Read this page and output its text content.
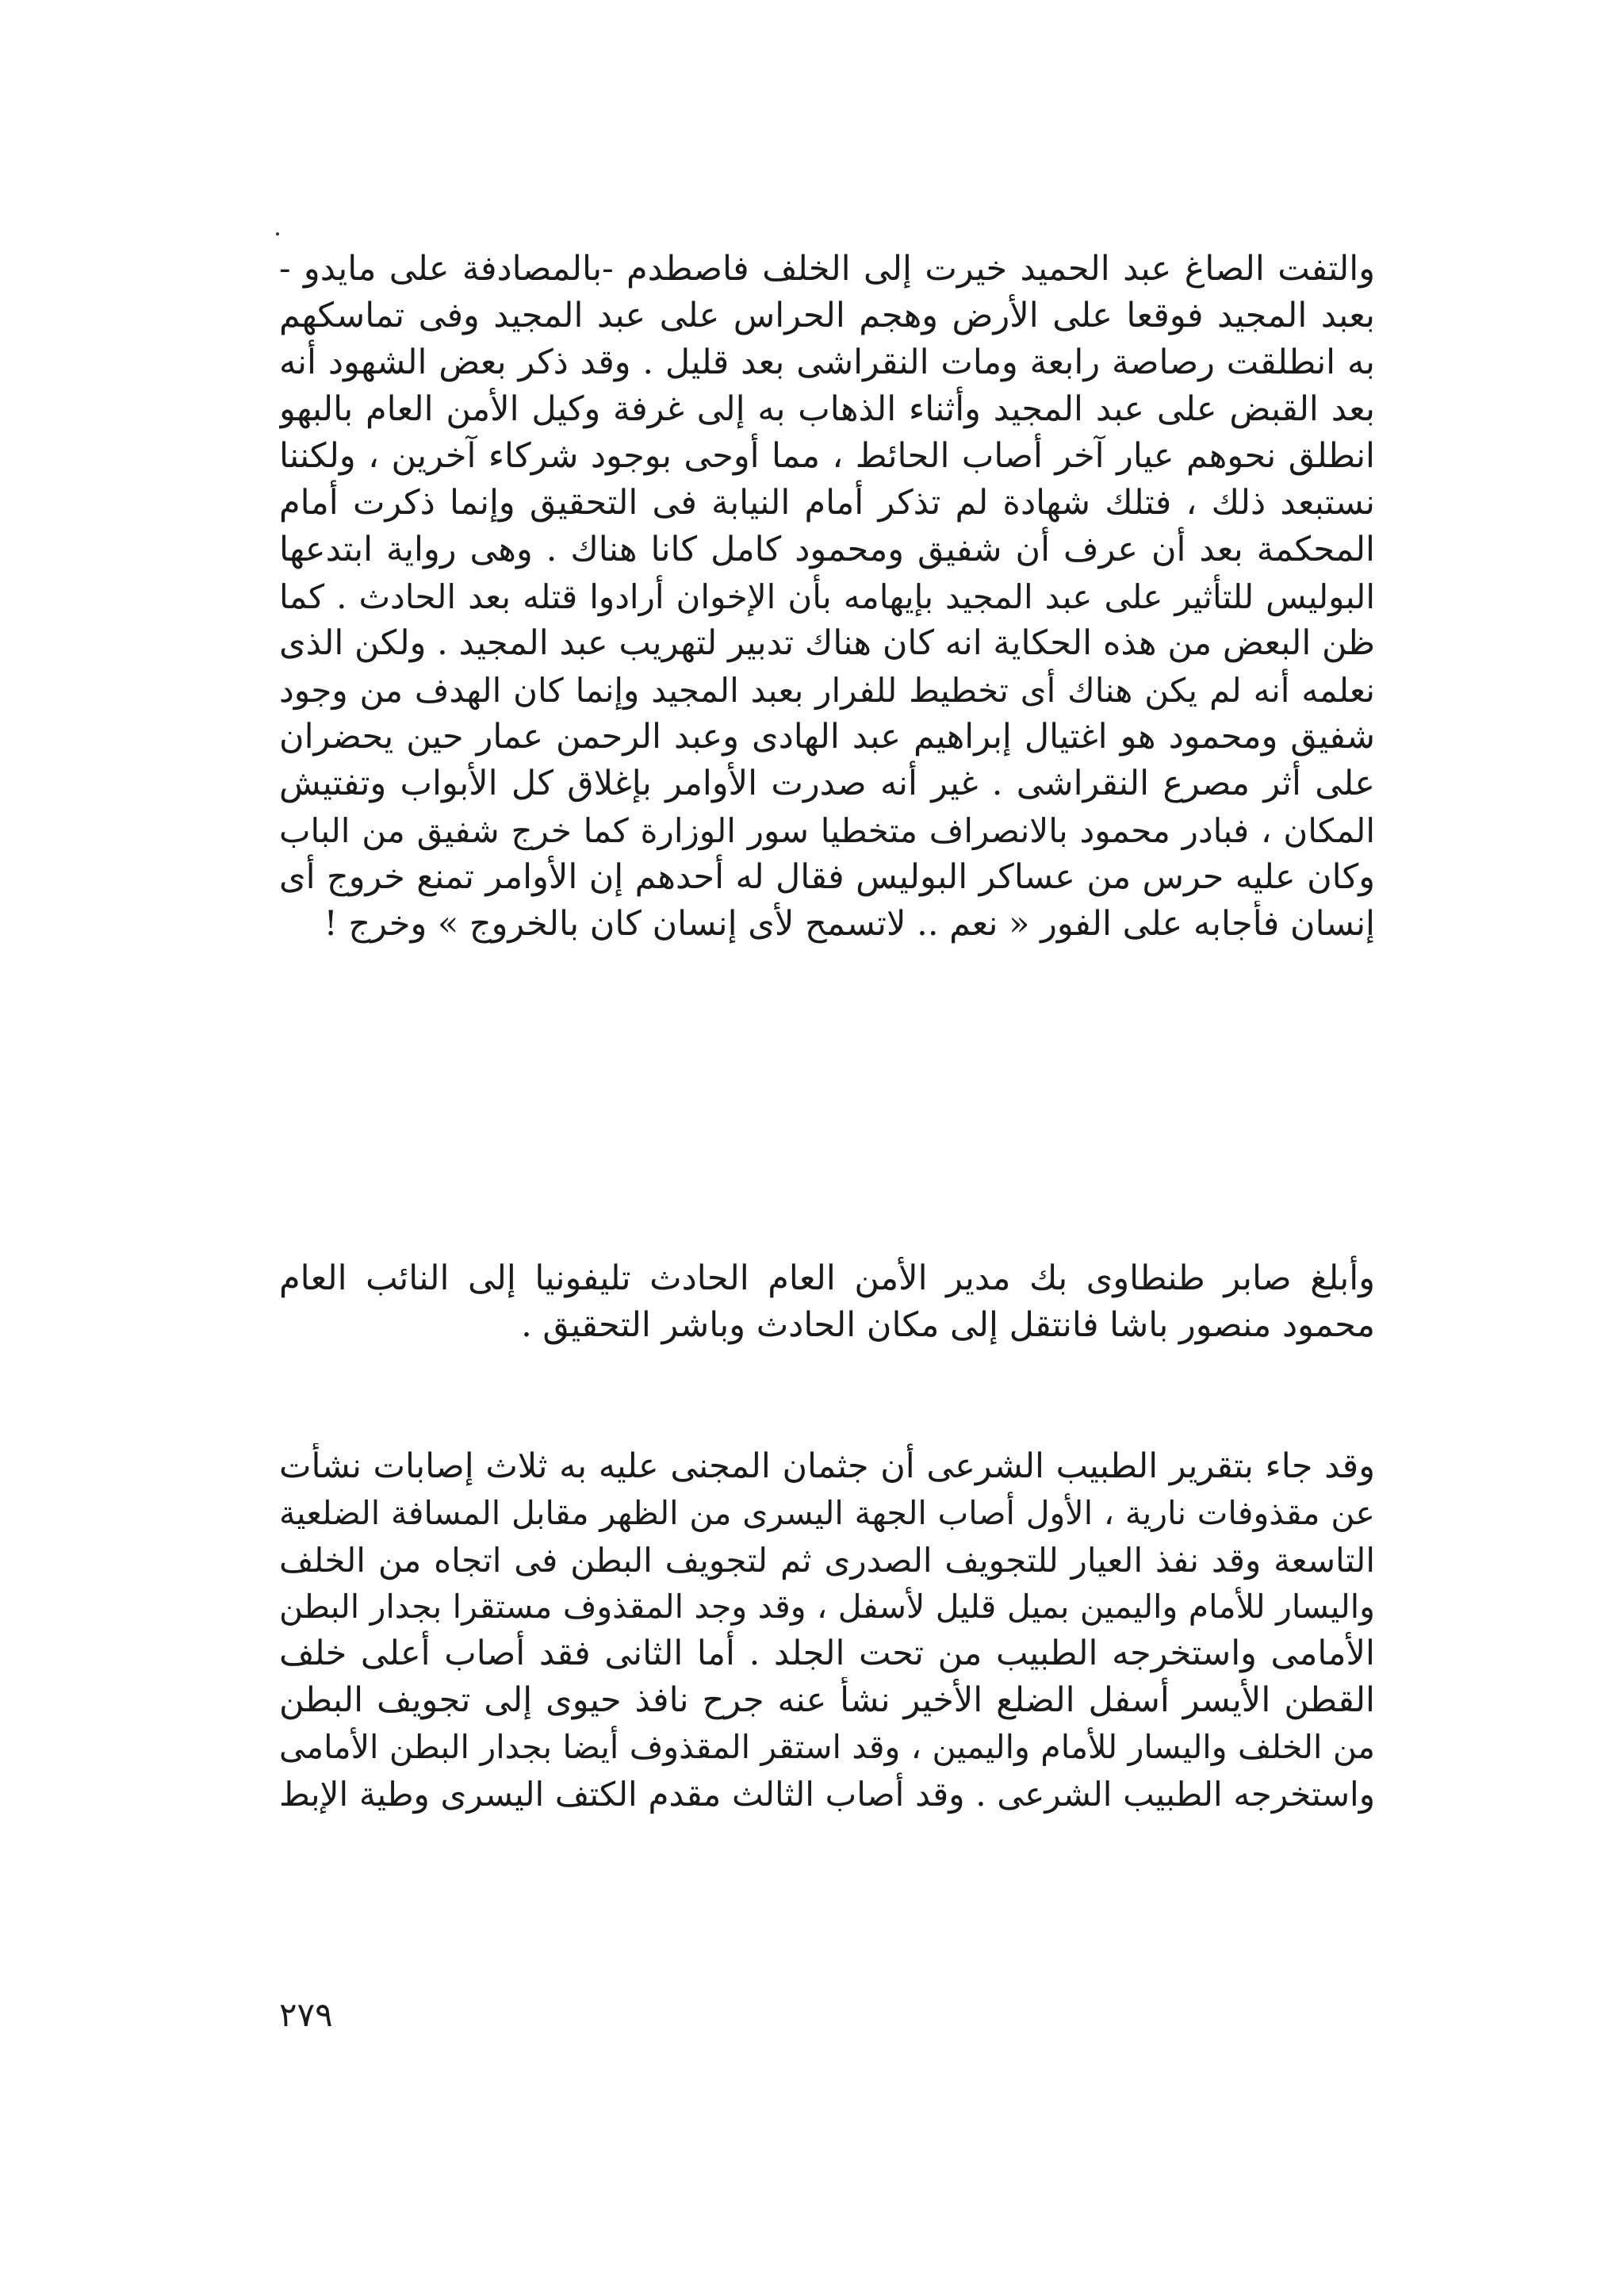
والتفت الصاغ عبد الحميد خيرت إلى الخلف فاصطدم -بالمصادفة على مايدو -
بعبد المجيد فوقعا على الأرض وهجم الحراس على عبد المجيد وفى تماسكهم
به انطلقت رصاصة رابعة ومات النقراشى بعد قليل . وقد ذكر بعض الشهود أنه
بعد القبض على عبد المجيد وأثناء الذهاب به إلى غرفة وكيل الأمن العام بالبهو
انطلق نحوهم عيار آخر أصاب الحائط ، مما أوحى بوجود شركاء آخرين ، ولكننا
نستبعد ذلك ، فتلك شهادة لم تذكر أمام النيابة فى التحقيق وإنما ذكرت أمام
المحكمة بعد أن عرف أن شفيق ومحمود كامل كانا هناك . وهى رواية ابتدعها
البوليس للتأثير على عبد المجيد بإيهامه بأن الإخوان أرادوا قتله بعد الحادث . كما
ظن البعض من هذه الحكاية انه كان هناك تدبير لتهريب عبد المجيد . ولكن الذى
نعلمه أنه لم يكن هناك أى تخطيط للفرار بعبد المجيد وإنما كان الهدف من وجود
شفيق ومحمود هو اغتيال إبراهيم عبد الهادى وعبد الرحمن عمار حين يحضران
على أثر مصرع النقراشى . غير أنه صدرت الأوامر بإغلاق كل الأبواب وتفتيش
المكان ، فبادر محمود بالانصراف متخطيا سور الوزارة كما خرج شفيق من الباب
وكان عليه حرس من عساكر البوليس فقال له أحدهم إن الأوامر تمنع خروج أى
إنسان فأجابه على الفور « نعم .. لاتسمح لأى إنسان كان بالخروج » وخرج !
وأبلغ صابر طنطاوى بك مدير الأمن العام الحادث تليفونيا إلى النائب العام
محمود منصور باشا فانتقل إلى مكان الحادث وباشر التحقيق .
وقد جاء بتقرير الطبيب الشرعى أن جثمان المجنى عليه به ثلاث إصابات نشأت
عن مقذوفات نارية ، الأول أصاب الجهة اليسرى من الظهر مقابل المسافة الضلعية
التاسعة وقد نفذ العيار للتجويف الصدرى ثم لتجويف البطن فى اتجاه من الخلف
واليسار للأمام واليمين بميل قليل لأسفل ، وقد وجد المقذوف مستقرا بجدار البطن
الأمامى واستخرجه الطبيب من تحت الجلد . أما الثانى فقد أصاب أعلى خلف
القطن الأيسر أسفل الضلع الأخير نشأ عنه جرح نافذ حيوى إلى تجويف البطن
من الخلف واليسار للأمام واليمين ، وقد استقر المقذوف أيضا بجدار البطن الأمامى
واستخرجه الطبيب الشرعى . وقد أصاب الثالث مقدم الكتف اليسرى وطية الإبط
٢٧٩
